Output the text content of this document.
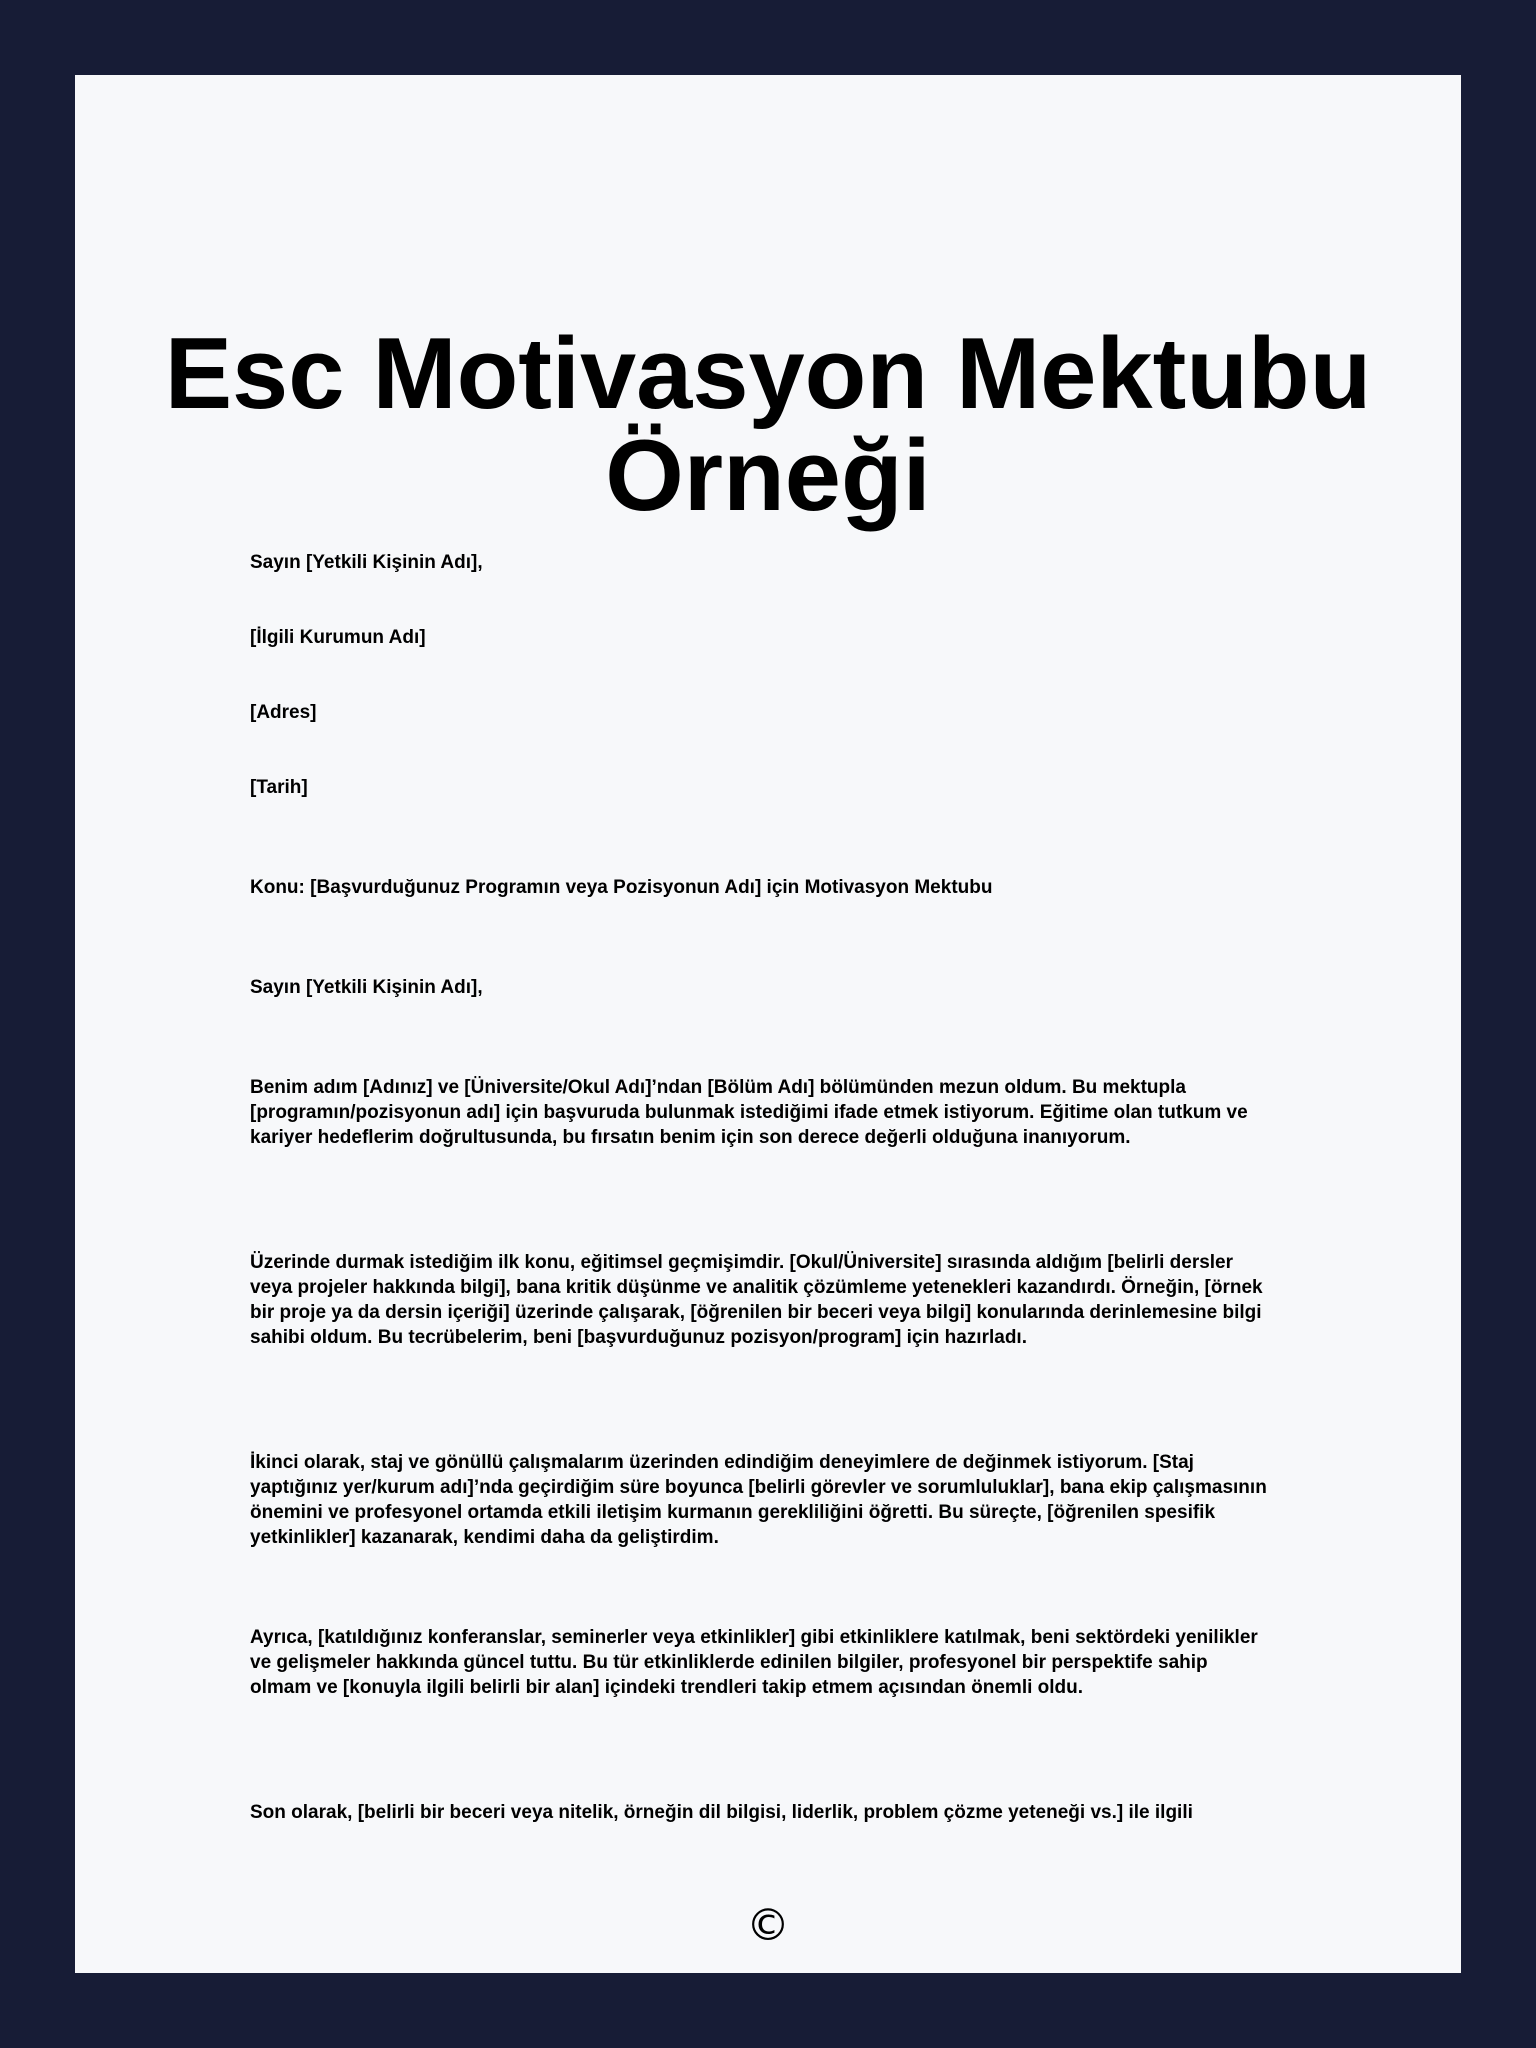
Esc Motivasyon Mektubu Örneği

Sayın [Yetkili Kişinin Adı],

[İlgili Kurumun Adı]

[Adres]

[Tarih]

Konu: [Başvurduğunuz Programın veya Pozisyonun Adı] için Motivasyon Mektubu

Sayın [Yetkili Kişinin Adı],

Benim adım [Adınız] ve [Üniversite/Okul Adı]’ndan [Bölüm Adı] bölümünden mezun oldum. Bu mektupla [programın/pozisyonun adı] için başvuruda bulunmak istediğimi ifade etmek istiyorum. Eğitime olan tutkum ve kariyer hedeflerim doğrultusunda, bu fırsatın benim için son derece değerli olduğuna inanıyorum.

Üzerinde durmak istediğim ilk konu, eğitimsel geçmişimdir. [Okul/Üniversite] sırasında aldığım [belirli dersler veya projeler hakkında bilgi], bana kritik düşünme ve analitik çözümleme yetenekleri kazandırdı. Örneğin, [örnek bir proje ya da dersin içeriği] üzerinde çalışarak, [öğrenilen bir beceri veya bilgi] konularında derinlemesine bilgi sahibi oldum. Bu tecrübelerim, beni [başvurduğunuz pozisyon/program] için hazırladı.

İkinci olarak, staj ve gönüllü çalışmalarım üzerinden edindiğim deneyimlere de değinmek istiyorum. [Staj yaptığınız yer/kurum adı]’nda geçirdiğim süre boyunca [belirli görevler ve sorumluluklar], bana ekip çalışmasının önemini ve profesyonel ortamda etkili iletişim kurmanın gerekliliğini öğretti. Bu süreçte, [öğrenilen spesifik yetkinlikler] kazanarak, kendimi daha da geliştirdim.

Ayrıca, [katıldığınız konferanslar, seminerler veya etkinlikler] gibi etkinliklere katılmak, beni sektördeki yenilikler ve gelişmeler hakkında güncel tuttu. Bu tür etkinliklerde edinilen bilgiler, profesyonel bir perspektife sahip olmam ve [konuyla ilgili belirli bir alan] içindeki trendleri takip etmem açısından önemli oldu.

Son olarak, [belirli bir beceri veya nitelik, örneğin dil bilgisi, liderlik, problem çözme yeteneği vs.] ile ilgili

©
